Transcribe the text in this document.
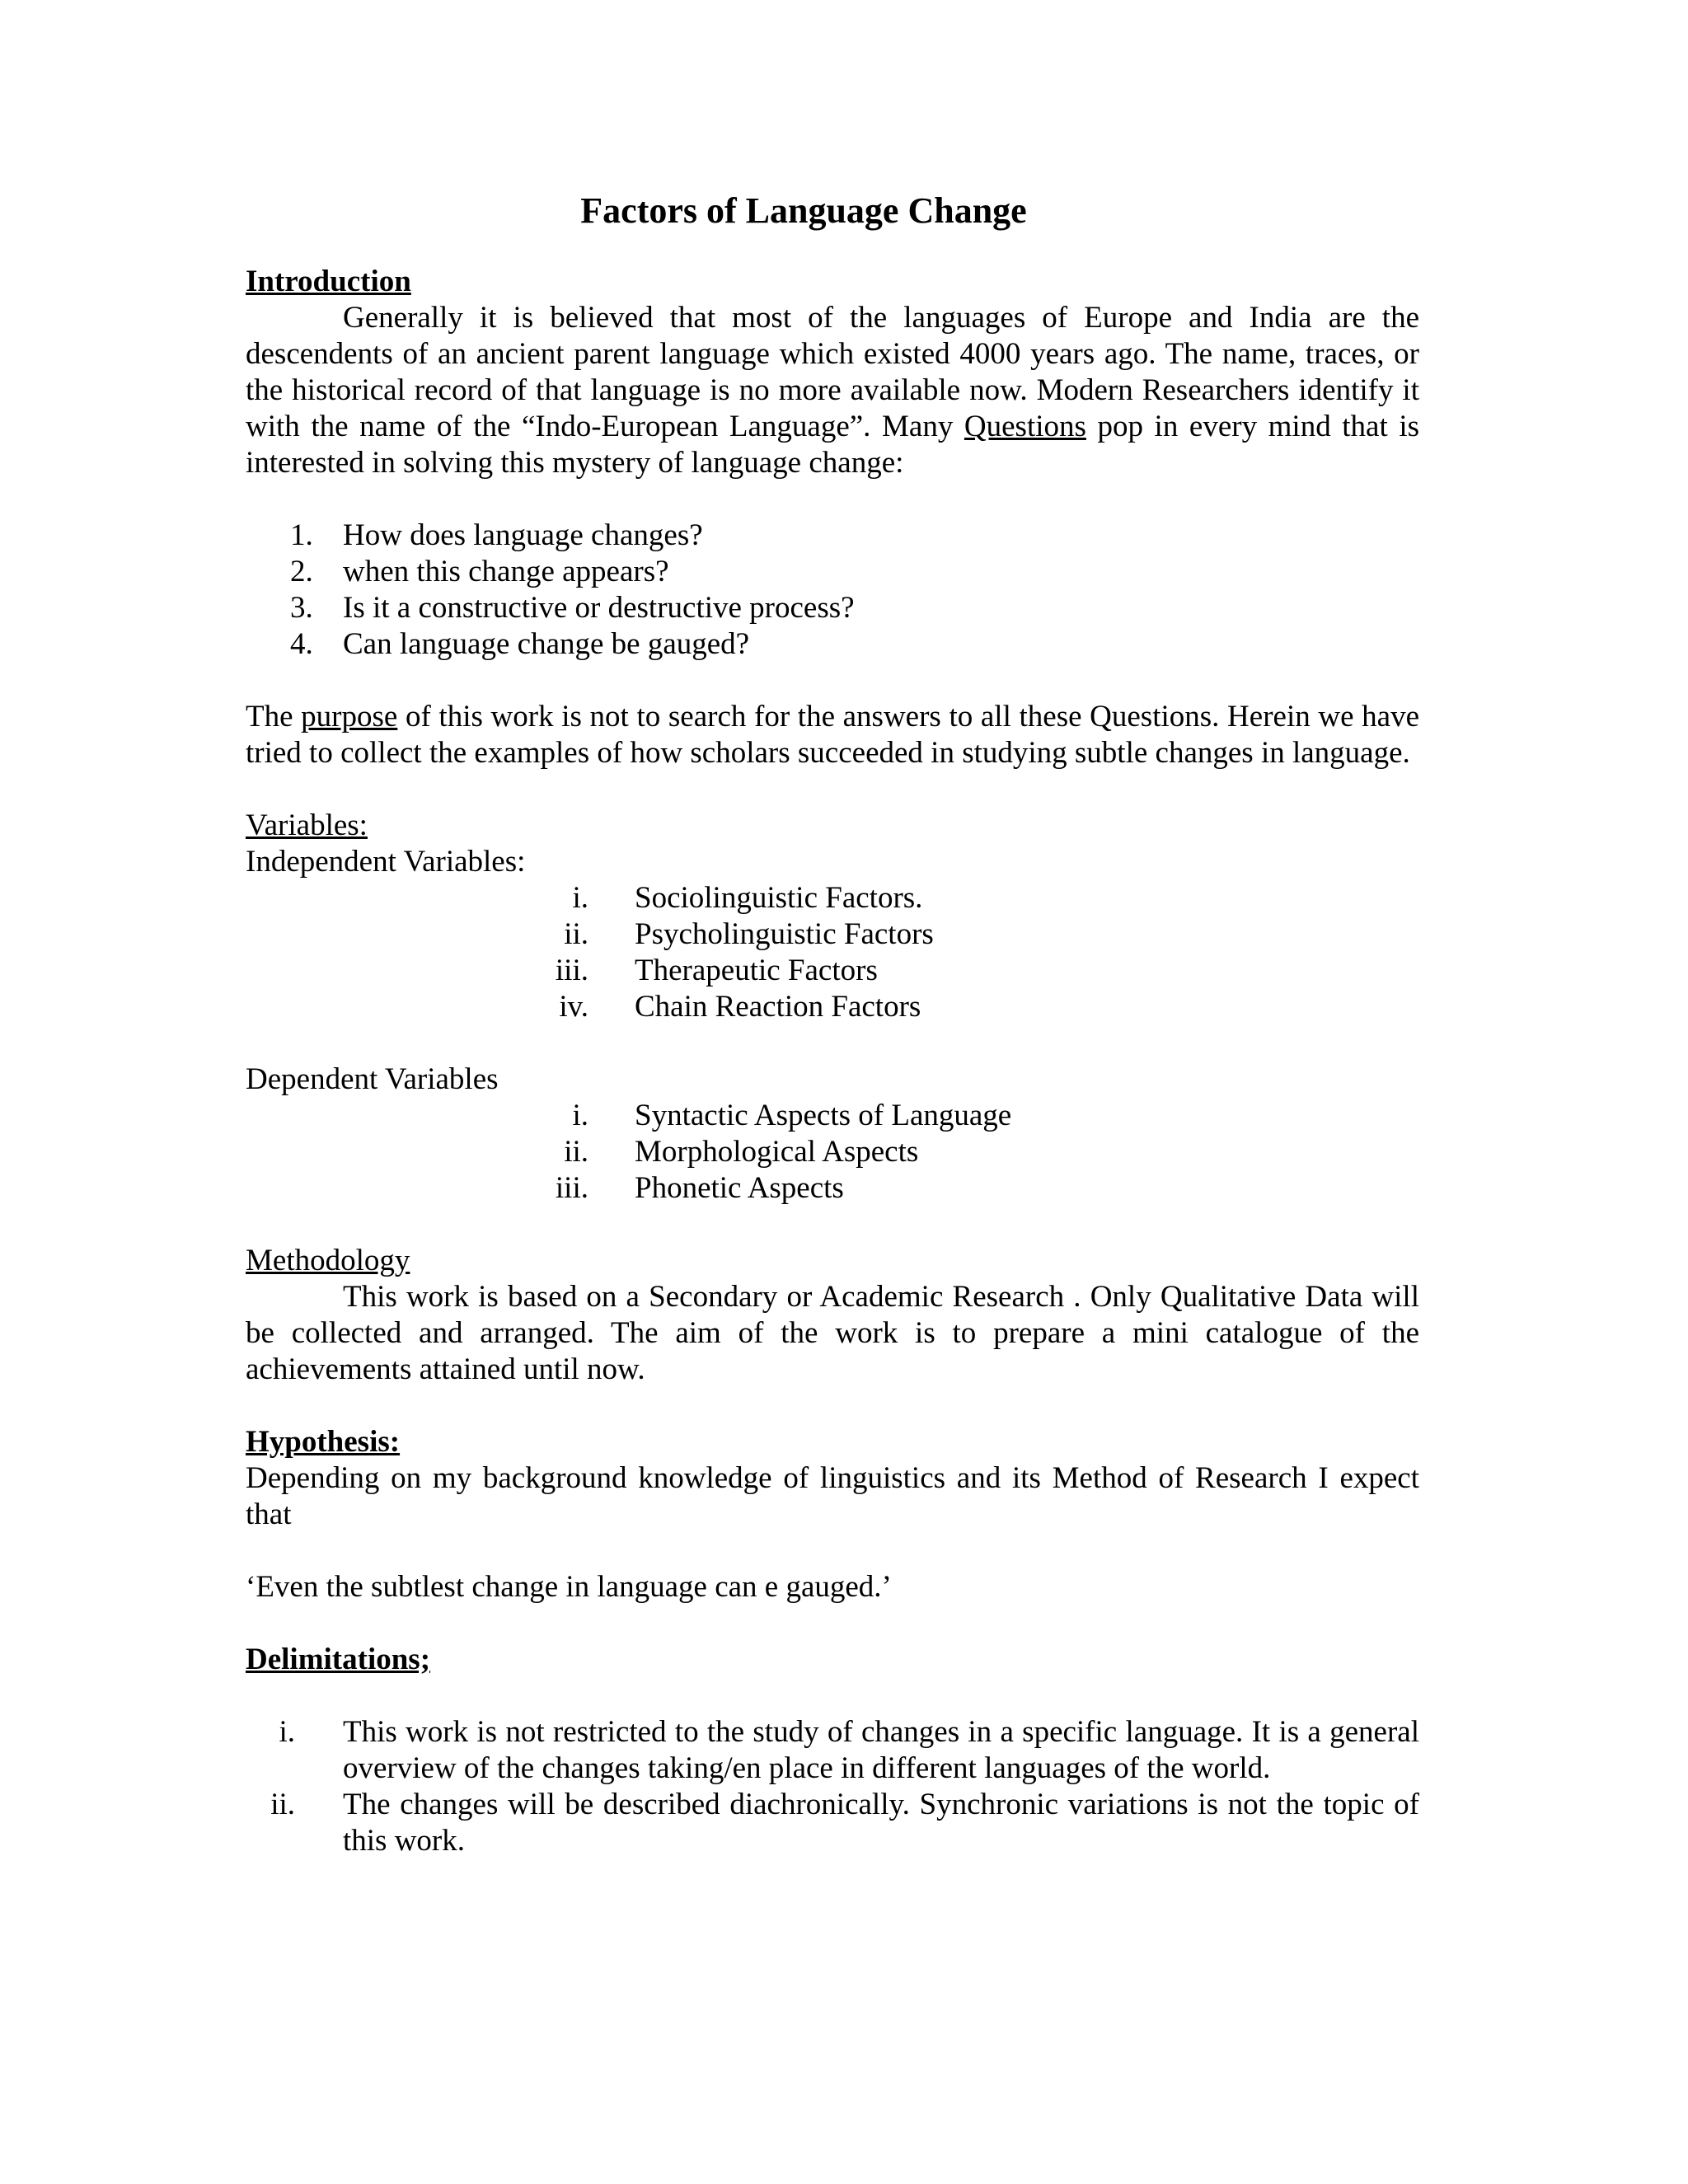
Factors of Language Change
Introduction

Generally it is believed that most of the languages of Europe and India are the descendents of an ancient parent language which existed 4000 years ago. The name, traces, or the historical record of that language is no more available now. Modern Researchers identify it with the name of the “Indo-European Language”. Many Questions pop in every mind that is interested in solving this mystery of language change:

1. How does language changes?
2. when this change appears?
3. Is it a constructive or destructive process?
4. Can language change be gauged?

The purpose of this work is not to search for the answers to all these Questions. Herein we have tried to collect the examples of how scholars succeeded in studying subtle changes in language.

Variables:
Independent Variables:
i. Sociolinguistic Factors.
ii. Psycholinguistic Factors
iii. Therapeutic Factors
iv. Chain Reaction Factors
Dependent Variables
i. Syntactic Aspects of Language
ii. Morphological Aspects
iii. Phonetic Aspects
Methodology

This work is based on a Secondary or Academic Research . Only Qualitative Data will be collected and arranged. The aim of the work is to prepare a mini catalogue of the achievements attained until now.

Hypothesis:

Depending on my background knowledge of linguistics and its Method of Research I expect that

‘Even the subtlest change in language can e gauged.’

Delimitations;
i. This work is not restricted to the study of changes in a specific language. It is a general overview of the changes taking/en place in different languages of the world.
ii. The changes will be described diachronically. Synchronic variations is not the topic of this work.
